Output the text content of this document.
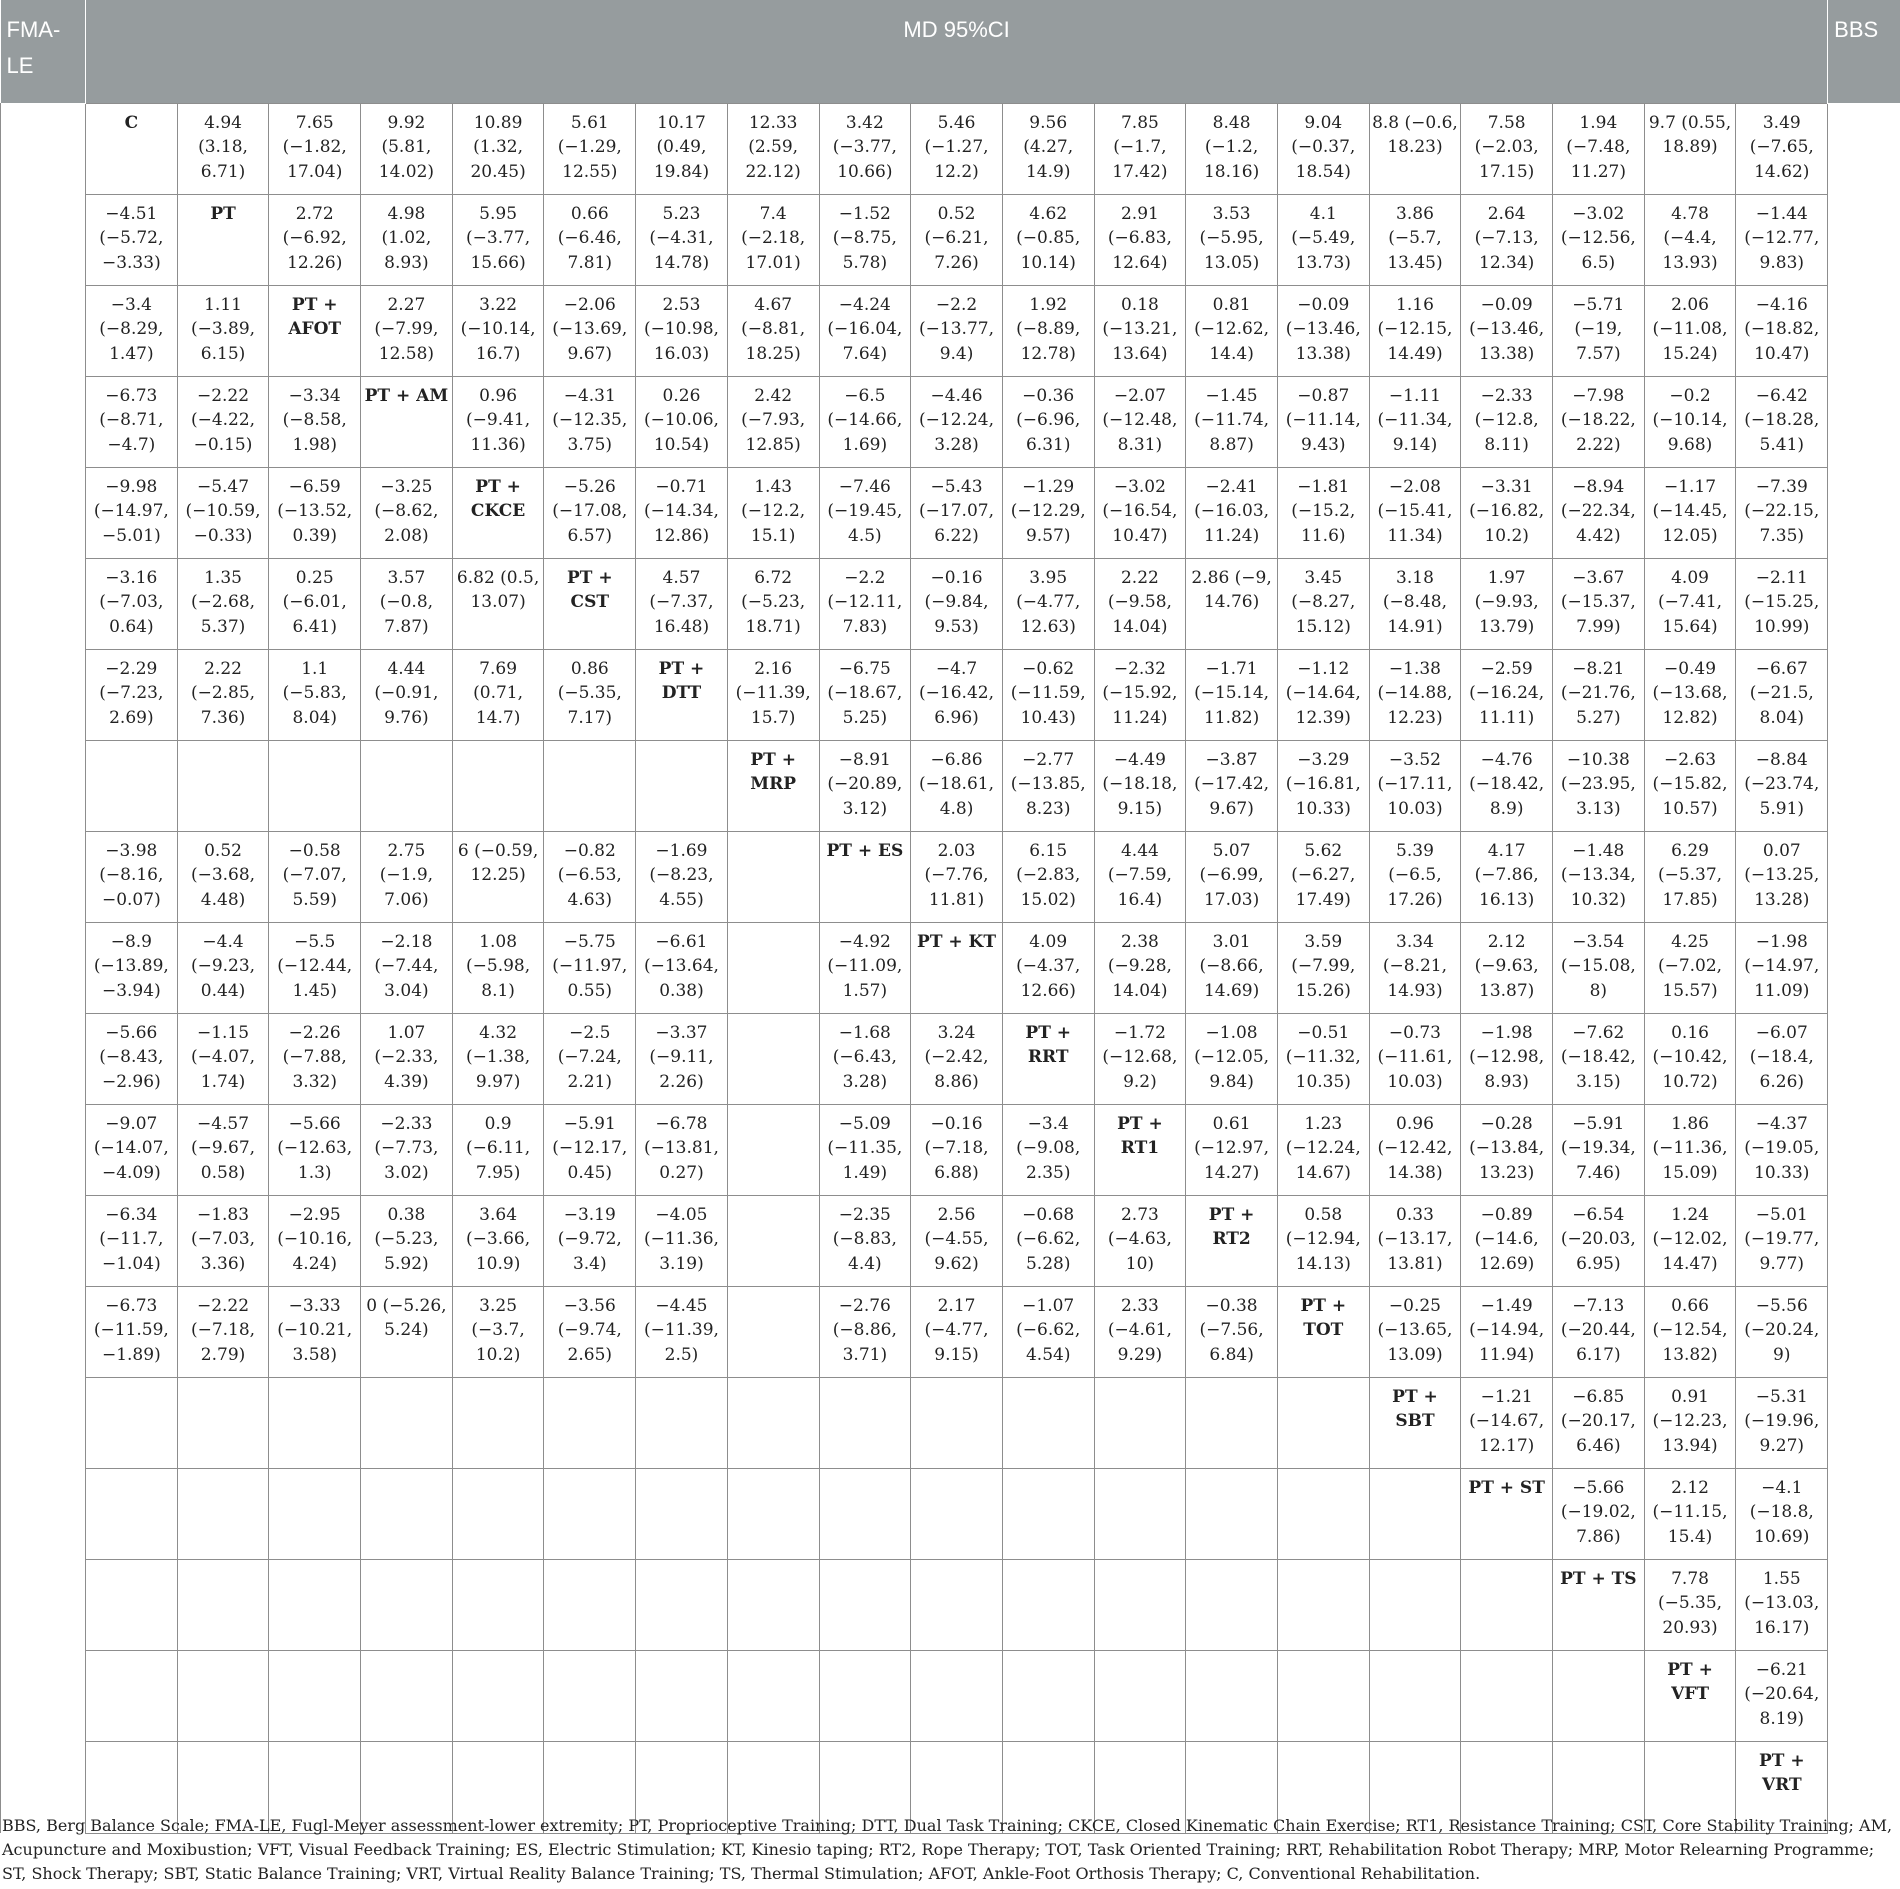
FMA-LE	MD 95%CI																			BBS
	C	4.94 (3.18, 6.71)	7.65 (−1.82, 17.04)	9.92 (5.81, 14.02)	10.89 (1.32, 20.45)	5.61 (−1.29, 12.55)	10.17 (0.49, 19.84)	12.33 (2.59, 22.12)	3.42 (−3.77, 10.66)	5.46 (−1.27, 12.2)	9.56 (4.27, 14.9)	7.85 (−1.7, 17.42)	8.48 (−1.2, 18.16)	9.04 (−0.37, 18.54)	8.8 (−0.6, 18.23)	7.58 (−2.03, 17.15)	1.94 (−7.48, 11.27)	9.7 (0.55, 18.89)	3.49 (−7.65, 14.62)	
	−4.51 (−5.72, −3.33)	PT	2.72 (−6.92, 12.26)	4.98 (1.02, 8.93)	5.95 (−3.77, 15.66)	0.66 (−6.46, 7.81)	5.23 (−4.31, 14.78)	7.4 (−2.18, 17.01)	−1.52 (−8.75, 5.78)	0.52 (−6.21, 7.26)	4.62 (−0.85, 10.14)	2.91 (−6.83, 12.64)	3.53 (−5.95, 13.05)	4.1 (−5.49, 13.73)	3.86 (−5.7, 13.45)	2.64 (−7.13, 12.34)	−3.02 (−12.56, 6.5)	4.78 (−4.4, 13.93)	−1.44 (−12.77, 9.83)	
	−3.4 (−8.29, 1.47)	1.11 (−3.89, 6.15)	PT + AFOT	2.27 (−7.99, 12.58)	3.22 (−10.14, 16.7)	−2.06 (−13.69, 9.67)	2.53 (−10.98, 16.03)	4.67 (−8.81, 18.25)	−4.24 (−16.04, 7.64)	−2.2 (−13.77, 9.4)	1.92 (−8.89, 12.78)	0.18 (−13.21, 13.64)	0.81 (−12.62, 14.4)	−0.09 (−13.46, 13.38)	1.16 (−12.15, 14.49)	−0.09 (−13.46, 13.38)	−5.71 (−19, 7.57)	2.06 (−11.08, 15.24)	−4.16 (−18.82, 10.47)	
	−6.73 (−8.71, −4.7)	−2.22 (−4.22, −0.15)	−3.34 (−8.58, 1.98)	PT + AM	0.96 (−9.41, 11.36)	−4.31 (−12.35, 3.75)	0.26 (−10.06, 10.54)	2.42 (−7.93, 12.85)	−6.5 (−14.66, 1.69)	−4.46 (−12.24, 3.28)	−0.36 (−6.96, 6.31)	−2.07 (−12.48, 8.31)	−1.45 (−11.74, 8.87)	−0.87 (−11.14, 9.43)	−1.11 (−11.34, 9.14)	−2.33 (−12.8, 8.11)	−7.98 (−18.22, 2.22)	−0.2 (−10.14, 9.68)	−6.42 (−18.28, 5.41)	
	−9.98 (−14.97, −5.01)	−5.47 (−10.59, −0.33)	−6.59 (−13.52, 0.39)	−3.25 (−8.62, 2.08)	PT + CKCE	−5.26 (−17.08, 6.57)	−0.71 (−14.34, 12.86)	1.43 (−12.2, 15.1)	−7.46 (−19.45, 4.5)	−5.43 (−17.07, 6.22)	−1.29 (−12.29, 9.57)	−3.02 (−16.54, 10.47)	−2.41 (−16.03, 11.24)	−1.81 (−15.2, 11.6)	−2.08 (−15.41, 11.34)	−3.31 (−16.82, 10.2)	−8.94 (−22.34, 4.42)	−1.17 (−14.45, 12.05)	−7.39 (−22.15, 7.35)	
	−3.16 (−7.03, 0.64)	1.35 (−2.68, 5.37)	0.25 (−6.01, 6.41)	3.57 (−0.8, 7.87)	6.82 (0.5, 13.07)	PT + CST	4.57 (−7.37, 16.48)	6.72 (−5.23, 18.71)	−2.2 (−12.11, 7.83)	−0.16 (−9.84, 9.53)	3.95 (−4.77, 12.63)	2.22 (−9.58, 14.04)	2.86 (−9, 14.76)	3.45 (−8.27, 15.12)	3.18 (−8.48, 14.91)	1.97 (−9.93, 13.79)	−3.67 (−15.37, 7.99)	4.09 (−7.41, 15.64)	−2.11 (−15.25, 10.99)	
	−2.29 (−7.23, 2.69)	2.22 (−2.85, 7.36)	1.1 (−5.83, 8.04)	4.44 (−0.91, 9.76)	7.69 (0.71, 14.7)	0.86 (−5.35, 7.17)	PT + DTT	2.16 (−11.39, 15.7)	−6.75 (−18.67, 5.25)	−4.7 (−16.42, 6.96)	−0.62 (−11.59, 10.43)	−2.32 (−15.92, 11.24)	−1.71 (−15.14, 11.82)	−1.12 (−14.64, 12.39)	−1.38 (−14.88, 12.23)	−2.59 (−16.24, 11.11)	−8.21 (−21.76, 5.27)	−0.49 (−13.68, 12.82)	−6.67 (−21.5, 8.04)	
								PT + MRP	−8.91 (−20.89, 3.12)	−6.86 (−18.61, 4.8)	−2.77 (−13.85, 8.23)	−4.49 (−18.18, 9.15)	−3.87 (−17.42, 9.67)	−3.29 (−16.81, 10.33)	−3.52 (−17.11, 10.03)	−4.76 (−18.42, 8.9)	−10.38 (−23.95, 3.13)	−2.63 (−15.82, 10.57)	−8.84 (−23.74, 5.91)	
	−3.98 (−8.16, −0.07)	0.52 (−3.68, 4.48)	−0.58 (−7.07, 5.59)	2.75 (−1.9, 7.06)	6 (−0.59, 12.25)	−0.82 (−6.53, 4.63)	−1.69 (−8.23, 4.55)		PT + ES	2.03 (−7.76, 11.81)	6.15 (−2.83, 15.02)	4.44 (−7.59, 16.4)	5.07 (−6.99, 17.03)	5.62 (−6.27, 17.49)	5.39 (−6.5, 17.26)	4.17 (−7.86, 16.13)	−1.48 (−13.34, 10.32)	6.29 (−5.37, 17.85)	0.07 (−13.25, 13.28)	
	−8.9 (−13.89, −3.94)	−4.4 (−9.23, 0.44)	−5.5 (−12.44, 1.45)	−2.18 (−7.44, 3.04)	1.08 (−5.98, 8.1)	−5.75 (−11.97, 0.55)	−6.61 (−13.64, 0.38)		−4.92 (−11.09, 1.57)	PT + KT	4.09 (−4.37, 12.66)	2.38 (−9.28, 14.04)	3.01 (−8.66, 14.69)	3.59 (−7.99, 15.26)	3.34 (−8.21, 14.93)	2.12 (−9.63, 13.87)	−3.54 (−15.08, 8)	4.25 (−7.02, 15.57)	−1.98 (−14.97, 11.09)	
	−5.66 (−8.43, −2.96)	−1.15 (−4.07, 1.74)	−2.26 (−7.88, 3.32)	1.07 (−2.33, 4.39)	4.32 (−1.38, 9.97)	−2.5 (−7.24, 2.21)	−3.37 (−9.11, 2.26)		−1.68 (−6.43, 3.28)	3.24 (−2.42, 8.86)	PT + RRT	−1.72 (−12.68, 9.2)	−1.08 (−12.05, 9.84)	−0.51 (−11.32, 10.35)	−0.73 (−11.61, 10.03)	−1.98 (−12.98, 8.93)	−7.62 (−18.42, 3.15)	0.16 (−10.42, 10.72)	−6.07 (−18.4, 6.26)	
	−9.07 (−14.07, −4.09)	−4.57 (−9.67, 0.58)	−5.66 (−12.63, 1.3)	−2.33 (−7.73, 3.02)	0.9 (−6.11, 7.95)	−5.91 (−12.17, 0.45)	−6.78 (−13.81, 0.27)		−5.09 (−11.35, 1.49)	−0.16 (−7.18, 6.88)	−3.4 (−9.08, 2.35)	PT + RT1	0.61 (−12.97, 14.27)	1.23 (−12.24, 14.67)	0.96 (−12.42, 14.38)	−0.28 (−13.84, 13.23)	−5.91 (−19.34, 7.46)	1.86 (−11.36, 15.09)	−4.37 (−19.05, 10.33)	
	−6.34 (−11.7, −1.04)	−1.83 (−7.03, 3.36)	−2.95 (−10.16, 4.24)	0.38 (−5.23, 5.92)	3.64 (−3.66, 10.9)	−3.19 (−9.72, 3.4)	−4.05 (−11.36, 3.19)		−2.35 (−8.83, 4.4)	2.56 (−4.55, 9.62)	−0.68 (−6.62, 5.28)	2.73 (−4.63, 10)	PT + RT2	0.58 (−12.94, 14.13)	0.33 (−13.17, 13.81)	−0.89 (−14.6, 12.69)	−6.54 (−20.03, 6.95)	1.24 (−12.02, 14.47)	−5.01 (−19.77, 9.77)	
	−6.73 (−11.59, −1.89)	−2.22 (−7.18, 2.79)	−3.33 (−10.21, 3.58)	0 (−5.26, 5.24)	3.25 (−3.7, 10.2)	−3.56 (−9.74, 2.65)	−4.45 (−11.39, 2.5)		−2.76 (−8.86, 3.71)	2.17 (−4.77, 9.15)	−1.07 (−6.62, 4.54)	2.33 (−4.61, 9.29)	−0.38 (−7.56, 6.84)	PT + TOT	−0.25 (−13.65, 13.09)	−1.49 (−14.94, 11.94)	−7.13 (−20.44, 6.17)	0.66 (−12.54, 13.82)	−5.56 (−20.24, 9)	
															PT + SBT	−1.21 (−14.67, 12.17)	−6.85 (−20.17, 6.46)	0.91 (−12.23, 13.94)	−5.31 (−19.96, 9.27)	
																PT + ST	−5.66 (−19.02, 7.86)	2.12 (−11.15, 15.4)	−4.1 (−18.8, 10.69)	
																	PT + TS	7.78 (−5.35, 20.93)	1.55 (−13.03, 16.17)	
																		PT + VFT	−6.21 (−20.64, 8.19)	
																			PT + VRT	
BBS, Berg Balance Scale; FMA-LE, Fugl-Meyer assessment-lower extremity; PT, Proprioceptive Training; DTT, Dual Task Training; CKCE, Closed Kinematic Chain Exercise; RT1, Resistance Training; CST, Core Stability Training; AM, Acupuncture and Moxibustion; VFT, Visual Feedback Training; ES, Electric Stimulation; KT, Kinesio taping; RT2, Rope Therapy; TOT, Task Oriented Training; RRT, Rehabilitation Robot Therapy; MRP, Motor Relearning Programme; ST, Shock Therapy; SBT, Static Balance Training; VRT, Virtual Reality Balance Training; TS, Thermal Stimulation; AFOT, Ankle-Foot Orthosis Therapy; C, Conventional Rehabilitation.
